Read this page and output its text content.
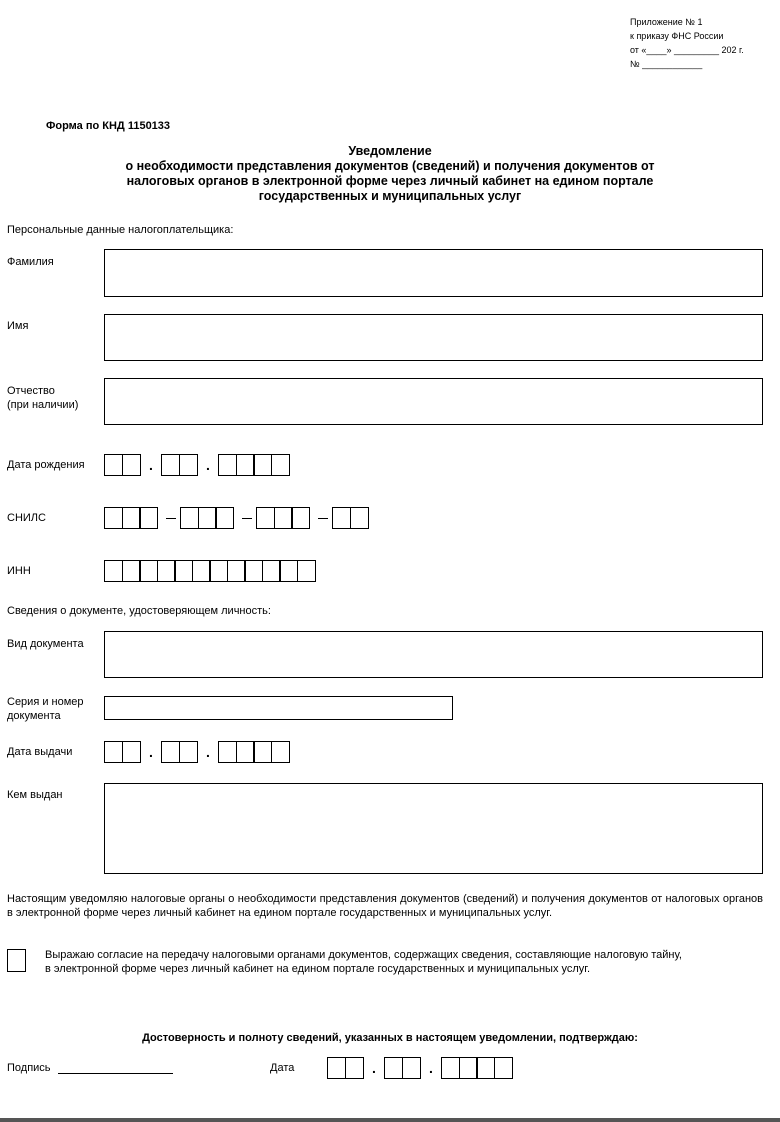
Приложение № 1
к приказу ФНС России
от «____» _________ 202 г.
№ ____________
Форма по КНД 1150133
Уведомление
о необходимости представления документов (сведений) и получения документов от
налоговых органов в электронной форме через личный кабинет на едином портале
государственных и муниципальных услуг
Персональные данные налогоплательщика:
Фамилия
Имя
Отчество
(при наличии)
Дата рождения	.	.
СНИЛС
ИНН
Сведения о документе, удостоверяющем личность:
Вид документа
Серия и номер
документа
Дата выдачи	.	.
Кем выдан
Настоящим уведомляю налоговые органы о необходимости представления документов (сведений) и получения документов от налоговых органов в электронной форме через личный кабинет на едином портале государственных и муниципальных услуг.
Выражаю согласие на передачу налоговыми органами документов, содержащих сведения, составляющие налоговую тайну,
в электронной форме через личный кабинет на едином портале государственных и муниципальных услуг.
Достоверность и полноту сведений, указанных в настоящем уведомлении, подтверждаю:
Подпись	Дата	.	.
